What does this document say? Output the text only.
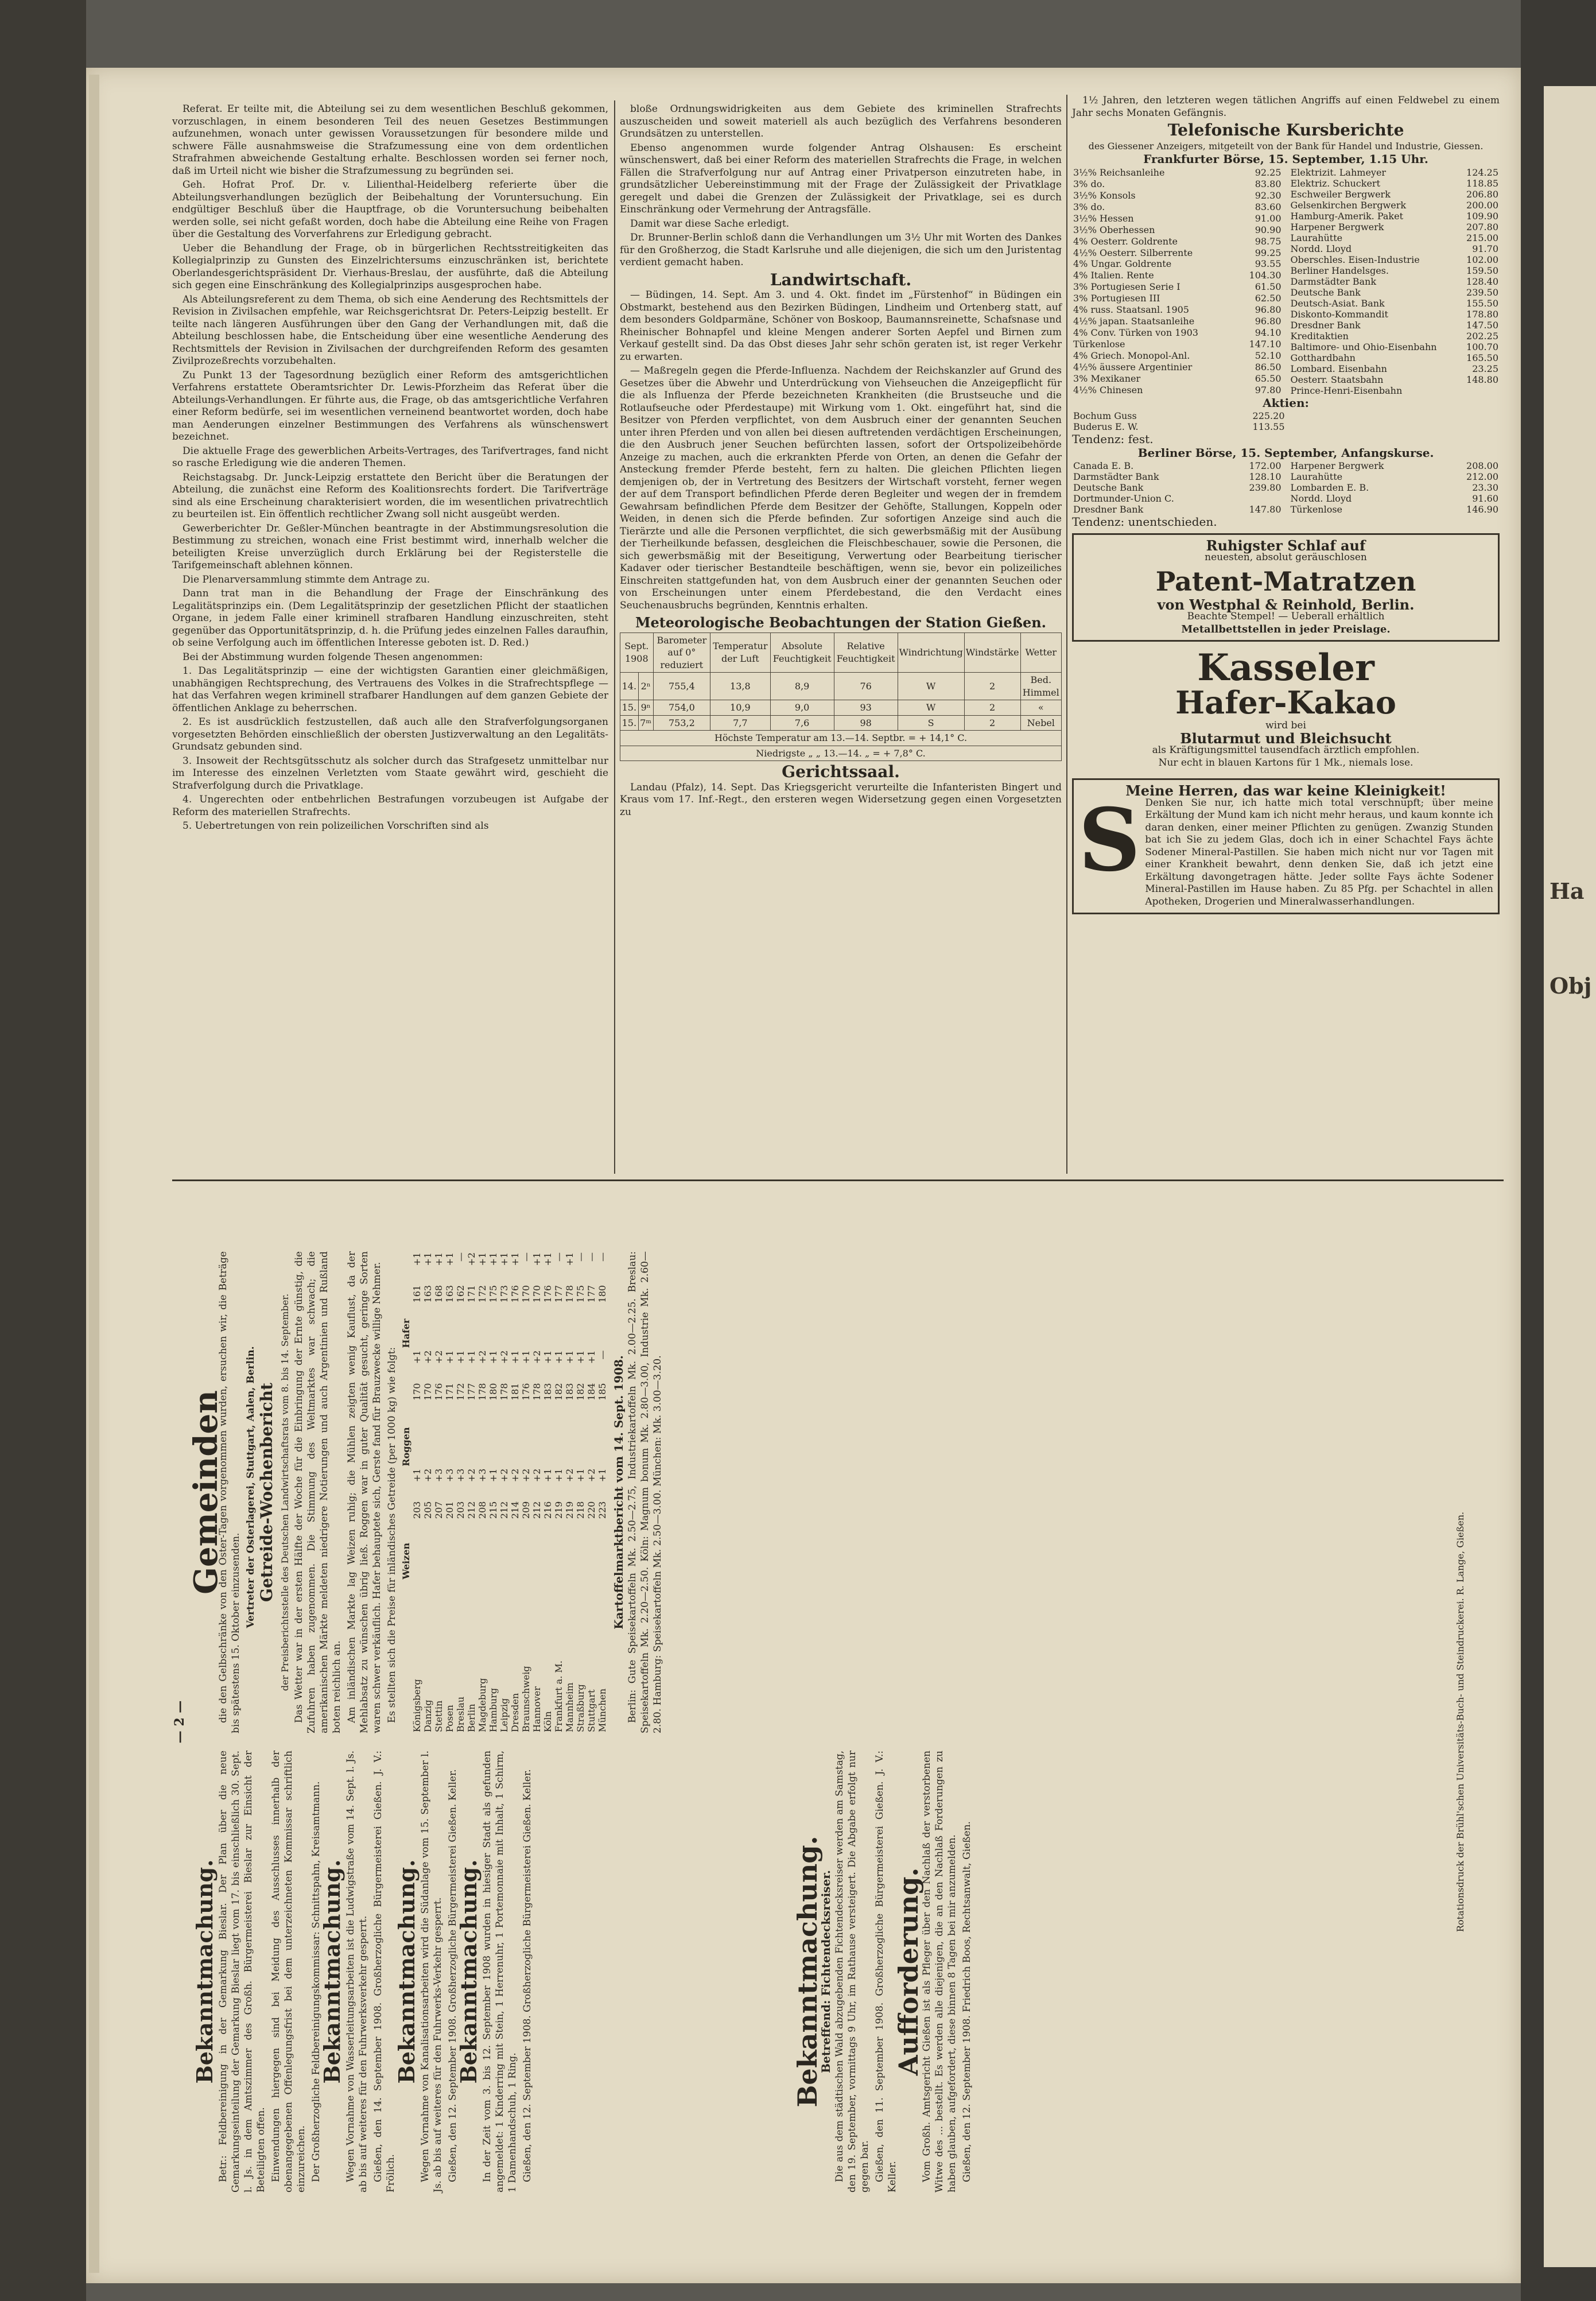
Ha
Obj

Referat. Er teilte mit, die Abteilung sei zu dem wesentlichen Beschluß gekommen, vorzuschlagen, in einem besonderen Teil des neuen Gesetzes Bestimmungen aufzunehmen, wonach unter gewissen Voraussetzungen für besondere milde und schwere Fälle ausnahmsweise die Strafzumessung eine von dem ordentlichen Strafrahmen abweichende Gestaltung erhalte. Beschlossen worden sei ferner noch, daß im Urteil nicht wie bisher die Strafzumessung zu begründen sei.

Geh. Hofrat Prof. Dr. v. Lilienthal-Heidelberg referierte über die Abteilungsverhandlungen bezüglich der Beibehaltung der Voruntersuchung. Ein endgültiger Beschluß über die Hauptfrage, ob die Voruntersuchung beibehalten werden solle, sei nicht gefaßt worden, doch habe die Abteilung eine Reihe von Fragen über die Gestaltung des Vorverfahrens zur Erledigung gebracht.

Ueber die Behandlung der Frage, ob in bürgerlichen Rechtsstreitigkeiten das Kollegialprinzip zu Gunsten des Einzelrichtersums einzuschränken ist, berichtete Oberlandesgerichtspräsident Dr. Vierhaus-Breslau, der ausführte, daß die Abteilung sich gegen eine Einschränkung des Kollegialprinzips ausgesprochen habe.

Als Abteilungsreferent zu dem Thema, ob sich eine Aenderung des Rechtsmittels der Revision in Zivilsachen empfehle, war Reichsgerichtsrat Dr. Peters-Leipzig bestellt. Er teilte nach längeren Ausführungen über den Gang der Verhandlungen mit, daß die Abteilung beschlossen habe, die Entscheidung über eine wesentliche Aenderung des Rechtsmittels der Revision in Zivilsachen der durchgreifenden Reform des gesamten Zivilprozeßrechts vorzubehalten.

Zu Punkt 13 der Tagesordnung bezüglich einer Reform des amtsgerichtlichen Verfahrens erstattete Oberamtsrichter Dr. Lewis-Pforzheim das Referat über die Abteilungs-Verhandlungen. Er führte aus, die Frage, ob das amtsgerichtliche Verfahren einer Reform bedürfe, sei im wesentlichen verneinend beantwortet worden, doch habe man Aenderungen einzelner Bestimmungen des Verfahrens als wünschenswert bezeichnet.

Die aktuelle Frage des gewerblichen Arbeits-Vertrages, des Tarifvertrages, fand nicht so rasche Erledigung wie die anderen Themen.

Reichstagsabg. Dr. Junck-Leipzig erstattete den Bericht über die Beratungen der Abteilung, die zunächst eine Reform des Koalitionsrechts fordert. Die Tarifverträge sind als eine Erscheinung charakterisiert worden, die im wesentlichen privatrechtlich zu beurteilen ist. Ein öffentlich rechtlicher Zwang soll nicht ausgeübt werden.

Gewerberichter Dr. Geßler-München beantragte in der Abstimmungsresolution die Bestimmung zu streichen, wonach eine Frist bestimmt wird, innerhalb welcher die beteiligten Kreise unverzüglich durch Erklärung bei der Registerstelle die Tarifgemeinschaft ablehnen können.

Die Plenarversammlung stimmte dem Antrage zu.

Dann trat man in die Behandlung der Frage der Einschränkung des Legalitätsprinzips ein. (Dem Legalitätsprinzip der gesetzlichen Pflicht der staatlichen Organe, in jedem Falle einer kriminell strafbaren Handlung einzuschreiten, steht gegenüber das Opportunitätsprinzip, d. h. die Prüfung jedes einzelnen Falles daraufhin, ob seine Verfolgung auch im öffentlichen Interesse geboten ist. D. Red.)

Bei der Abstimmung wurden folgende Thesen angenommen:

1. Das Legalitätsprinzip — eine der wichtigsten Garantien einer gleichmäßigen, unabhängigen Rechtsprechung, des Vertrauens des Volkes in die Strafrechtspflege — hat das Verfahren wegen kriminell strafbarer Handlungen auf dem ganzen Gebiete der öffentlichen Anklage zu beherrschen.

2. Es ist ausdrücklich festzustellen, daß auch alle den Strafverfolgungsorganen vorgesetzten Behörden einschließlich der obersten Justizverwaltung an den Legalitäts-Grundsatz gebunden sind.

3. Insoweit der Rechtsgütsschutz als solcher durch das Strafgesetz unmittelbar nur im Interesse des einzelnen Verletzten vom Staate gewährt wird, geschieht die Strafverfolgung durch die Privatklage.

4. Ungerechten oder entbehrlichen Bestrafungen vorzubeugen ist Aufgabe der Reform des materiellen Strafrechts.

5. Uebertretungen von rein polizeilichen Vorschriften sind als

bloße Ordnungswidrigkeiten aus dem Gebiete des kriminellen Strafrechts auszuscheiden und soweit materiell als auch bezüglich des Verfahrens besonderen Grundsätzen zu unterstellen.

Ebenso angenommen wurde folgender Antrag Olshausen: Es erscheint wünschenswert, daß bei einer Reform des materiellen Strafrechts die Frage, in welchen Fällen die Strafverfolgung nur auf Antrag einer Privatperson einzutreten habe, in grundsätzlicher Uebereinstimmung mit der Frage der Zulässigkeit der Privatklage geregelt und dabei die Grenzen der Zulässigkeit der Privatklage, sei es durch Einschränkung oder Vermehrung der Antragsfälle.

Damit war diese Sache erledigt.

Dr. Brunner-Berlin schloß dann die Verhandlungen um 3½ Uhr mit Worten des Dankes für den Großherzog, die Stadt Karlsruhe und alle diejenigen, die sich um den Juristentag verdient gemacht haben.

Landwirtschaft.

— Büdingen, 14. Sept. Am 3. und 4. Okt. findet im „Fürstenhof“ in Büdingen ein Obstmarkt, bestehend aus den Bezirken Büdingen, Lindheim und Ortenberg statt, auf dem besonders Goldparmäne, Schöner von Boskoop, Baumannsreinette, Schafsnase und Rheinischer Bohnapfel und kleine Mengen anderer Sorten Aepfel und Birnen zum Verkauf gestellt sind. Da das Obst dieses Jahr sehr schön geraten ist, ist reger Verkehr zu erwarten.

— Maßregeln gegen die Pferde-Influenza. Nachdem der Reichskanzler auf Grund des Gesetzes über die Abwehr und Unterdrückung von Viehseuchen die Anzeigepflicht für die als Influenza der Pferde bezeichneten Krankheiten (die Brustseuche und die Rotlaufseuche oder Pferdestaupe) mit Wirkung vom 1. Okt. eingeführt hat, sind die Besitzer von Pferden verpflichtet, von dem Ausbruch einer der genannten Seuchen unter ihren Pferden und von allen bei diesen auftretenden verdächtigen Erscheinungen, die den Ausbruch jener Seuchen befürchten lassen, sofort der Ortspolizeibehörde Anzeige zu machen, auch die erkrankten Pferde von Orten, an denen die Gefahr der Ansteckung fremder Pferde besteht, fern zu halten. Die gleichen Pflichten liegen demjenigen ob, der in Vertretung des Besitzers der Wirtschaft vorsteht, ferner wegen der auf dem Transport befindlichen Pferde deren Begleiter und wegen der in fremdem Gewahrsam befindlichen Pferde dem Besitzer der Gehöfte, Stallungen, Koppeln oder Weiden, in denen sich die Pferde befinden. Zur sofortigen Anzeige sind auch die Tierärzte und alle die Personen verpflichtet, die sich gewerbsmäßig mit der Ausübung der Tierheilkunde befassen, desgleichen die Fleischbeschauer, sowie die Personen, die sich gewerbsmäßig mit der Beseitigung, Verwertung oder Bearbeitung tierischer Kadaver oder tierischer Bestandteile beschäftigen, wenn sie, bevor ein polizeiliches Einschreiten stattgefunden hat, von dem Ausbruch einer der genannten Seuchen oder von Erscheinungen unter einem Pferdebestand, die den Verdacht eines Seuchenausbruchs begründen, Kenntnis erhalten.

Meteorologische Beobachtungen der Station Gießen.
Sept. 1908		Barometer auf 0° reduziert	Temperatur der Luft	Absolute Feuchtigkeit	Relative Feuchtigkeit	Windrichtung	Windstärke	Wetter
14.	2ⁿ	755,4	13,8	8,9	76	W	2	Bed. Himmel
15.	9ⁿ	754,0	10,9	9,0	93	W	2	«
15.	7ᵐ	753,2	7,7	7,6	98	S	2	Nebel
Höchste Temperatur am 13.—14. Septbr. = + 14,1° C.								
Niedrigste „ „ 13.—14. „ = + 7,8° C.								
Gerichtssaal.

Landau (Pfalz), 14. Sept. Das Kriegsgericht verurteilte die Infanteristen Bingert und Kraus vom 17. Inf.-Regt., den ersteren wegen Widersetzung gegen einen Vorgesetzten zu

1½ Jahren, den letzteren wegen tätlichen Angriffs auf einen Feldwebel zu einem Jahr sechs Monaten Gefängnis.

Telefonische Kursberichte
des Giessener Anzeigers, mitgeteilt von der Bank für Handel und Industrie, Giessen.
Frankfurter Börse, 15. September, 1.15 Uhr.
3½% Reichsanleihe	92.25
3% do.	83.80
3½% Konsols	92.30
3% do.	83.60
3½% Hessen	91.00
3½% Oberhessen	90.90
4% Oesterr. Goldrente	98.75
4½% Oesterr. Silberrente	99.25
4% Ungar. Goldrente	93.55
4% Italien. Rente	104.30
3% Portugiesen Serie I	61.50
3% Portugiesen III	62.50
4% russ. Staatsanl. 1905	96.80
4½% japan. Staatsanleihe	96.80
4% Conv. Türken von 1903	94.10
Türkenlose	147.10
4% Griech. Monopol-Anl.	52.10
4½% äussere Argentinier	86.50
3% Mexikaner	65.50
4½% Chinesen	97.80
Elektrizit. Lahmeyer	124.25
Elektriz. Schuckert	118.85
Eschweiler Bergwerk	206.80
Gelsenkirchen Bergwerk	200.00
Hamburg-Amerik. Paket	109.90
Harpener Bergwerk	207.80
Laurahütte	215.00
Nordd. Lloyd	91.70
Oberschles. Eisen-Industrie	102.00
Berliner Handelsges.	159.50
Darmstädter Bank	128.40
Deutsche Bank	239.50
Deutsch-Asiat. Bank	155.50
Diskonto-Kommandit	178.80
Dresdner Bank	147.50
Kreditaktien	202.25
Baltimore- und Ohio-Eisenbahn	100.70
Gotthardbahn	165.50
Lombard. Eisenbahn	23.25
Oesterr. Staatsbahn	148.80
Prince-Henri-Eisenbahn	
Aktien:
Bochum Guss	225.20
Buderus E. W.	113.55
Tendenz: fest.
Berliner Börse, 15. September, Anfangskurse.
Canada E. B.	172.00
Darmstädter Bank	128.10
Deutsche Bank	239.80
Dortmunder-Union C.	
Dresdner Bank	147.80
Harpener Bergwerk	208.00
Laurahütte	212.00
Lombarden E. B.	23.30
Nordd. Lloyd	91.60
Türkenlose	146.90
Tendenz: unentschieden.
Ruhigster Schlaf auf
neuesten, absolut geräuschlosen
Patent-Matratzen
von Westphal & Reinhold, Berlin.
Beachte Stempel! — Ueberall erhältlich
Metallbettstellen in jeder Preislage.
Kasseler
Hafer-Kakao
wird bei
Blutarmut und Bleichsucht
als Kräftigungsmittel tausendfach ärztlich empfohlen.
Nur echt in blauen Kartons für 1 Mk., niemals lose.
Meine Herren, das war keine Kleinigkeit!
S Denken Sie nur, ich hatte mich total verschnupft; über meine Erkältung der Mund kam ich nicht mehr heraus, und kaum konnte ich daran denken, einer meiner Pflichten zu genügen. Zwanzig Stunden bat ich Sie zu jedem Glas, doch ich in einer Schachtel Fays ächte Sodener Mineral-Pastillen. Sie haben mich nicht nur vor Tagen mit einer Krankheit bewahrt, denn denken Sie, daß ich jetzt eine Erkältung davongetragen hätte. Jeder sollte Fays ächte Sodener Mineral-Pastillen im Hause haben. Zu 85 Pfg. per Schachtel in allen Apotheken, Drogerien und Mineralwasserhandlungen.
— 2 —
Bekanntmachung. Betr.: Feldbereinigung in der Gemarkung Bieslar. Der Plan über die neue Gemarkungseinteilung der Gemarkung Bieslar liegt vom 17. bis einschließlich 30. Sept. l. Js. in dem Amtszimmer des Großh. Bürgermeisterei Bieslar zur Einsicht der Beteiligten offen. Einwendungen hiergegen sind bei Meidung des Ausschlusses innerhalb der obenangegebenen Offenlegungsfrist bei dem unterzeichneten Kommissar schriftlich einzureichen. Der Großherzogliche Feldbereinigungskommissar: Schnittspahn, Kreisamtmann.

Bekanntmachung. Wegen Vornahme von Wasserleitungsarbeiten ist die Ludwigstraße vom 14. Sept. l. Js. ab bis auf weiteres für den Fuhrwerksverkehr gesperrt. Gießen, den 14. September 1908. Großherzogliche Bürgermeisterei Gießen. J. V.: Frölich.

Bekanntmachung. Wegen Vornahme von Kanalisationsarbeiten wird die Südanlage vom 15. September l. Js. ab bis auf weiteres für den Fuhrwerks-Verkehr gesperrt. Gießen, den 12. September 1908. Großherzogliche Bürgermeisterei Gießen. Keller.

Bekanntmachung. In der Zeit vom 3. bis 12. September 1908 wurden in hiesiger Stadt als gefunden angemeldet: 1 Kinderring mit Stein, 1 Herrenuhr, 1 Portemonnaie mit Inhalt, 1 Schirm, 1 Damenhandschuh, 1 Ring. Gießen, den 12. September 1908. Großherzogliche Bürgermeisterei Gießen. Keller.	Bekanntmachung.
Betreffend: Fichtendecksreiser. Die aus dem städtischen Wald abzugebenden Fichtendecksreiser werden am Samstag, den 19. September, vormittags 9 Uhr, im Rathause versteigert. Die Abgabe erfolgt nur gegen bar. Gießen, den 11. September 1908. Großherzogliche Bürgermeisterei Gießen. J. V.: Keller.

Aufforderung.

Vom Großh. Amtsgericht Gießen ist als Pfleger über den Nachlaß der verstorbenen Witwe des ... bestellt. Es werden alle diejenigen, die an den Nachlaß Forderungen zu haben glauben, aufgefordert, diese binnen 8 Tagen bei mir anzumelden. Gießen, den 12. September 1908. Friedrich Boos, Rechtsanwalt, Gießen.

Gemeinden

die den Gelbschränke von den Oster-Tagen vorgenommen wurden, ersuchen wir, die Beträge bis spätestens 15. Oktober einzusenden.

Vertreter der Osterlagerei, Stuttgart, Aalen, Berlin. Getreide-Wochenbericht der Preisberichtsstelle des Deutschen Landwirtschaftsrats vom 8. bis 14. September. Das Wetter war in der ersten Hälfte der Woche für die Einbringung der Ernte günstig, die Zufuhren haben zugenommen. Die Stimmung des Weltmarktes war schwach; die amerikanischen Märkte meldeten niedrigere Notierungen und auch Argentinien und Rußland boten reichlich an. Am inländischen Markte lag Weizen ruhig; die Mühlen zeigten wenig Kauflust, da der Mehlabsatz zu wünschen übrig ließ. Roggen war in guter Qualität gesucht, geringe Sorten waren schwer verkäuflich. Hafer behauptete sich, Gerste fand für Brauzwecke willige Nehmer. Es stellten sich die Preise für inländisches Getreide (per 1000 kg) wie folgt:

	Weizen		Roggen		Hafer	
Königsberg	203	+1	170	+1	161	+1
Danzig	205	+2	170	+2	163	+1
Stettin	207	+3	176	+2	168	+1
Posen	201	+3	171	+1	163	+1
Breslau	203	+3	172	+1	162	—
Berlin	212	+2	177	+1	171	+2
Magdeburg	208	+3	178	+2	172	+1
Hamburg	215	+1	180	+1	175	+1
Leipzig	212	+2	178	+2	173	+1
Dresden	214	+2	181	+1	176	+1
Braunschweig	209	+2	176	+1	170	—
Hannover	212	+2	178	+2	170	+1
Köln	216	+1	183	+1	176	+1
Frankfurt a. M.	219	+1	182	+1	177	—
Mannheim	219	+2	183	+1	178	+1
Straßburg	218	+1	182	+1	175	—
Stuttgart	220	+2	184	+1	177	—
München	223	+1	185	—	180	—
Kartoffelmarktbericht vom 14. Sept. 1908. Berlin: Gute Speisekartoffeln Mk. 2.50—2.75, Industriekartoffeln Mk. 2.00—2.25. Breslau: Speisekartoffeln Mk. 2.20—2.50. Köln: Magnum bonum Mk. 2.80—3.00, Industrie Mk. 2.60—2.80. Hamburg: Speisekartoffeln Mk. 2.50—3.00. München: Mk. 3.00—3.20.	Rotationsdruck der Brühl'schen Universitäts-Buch- und Steindruckerei. R. Lange, Gießen.
